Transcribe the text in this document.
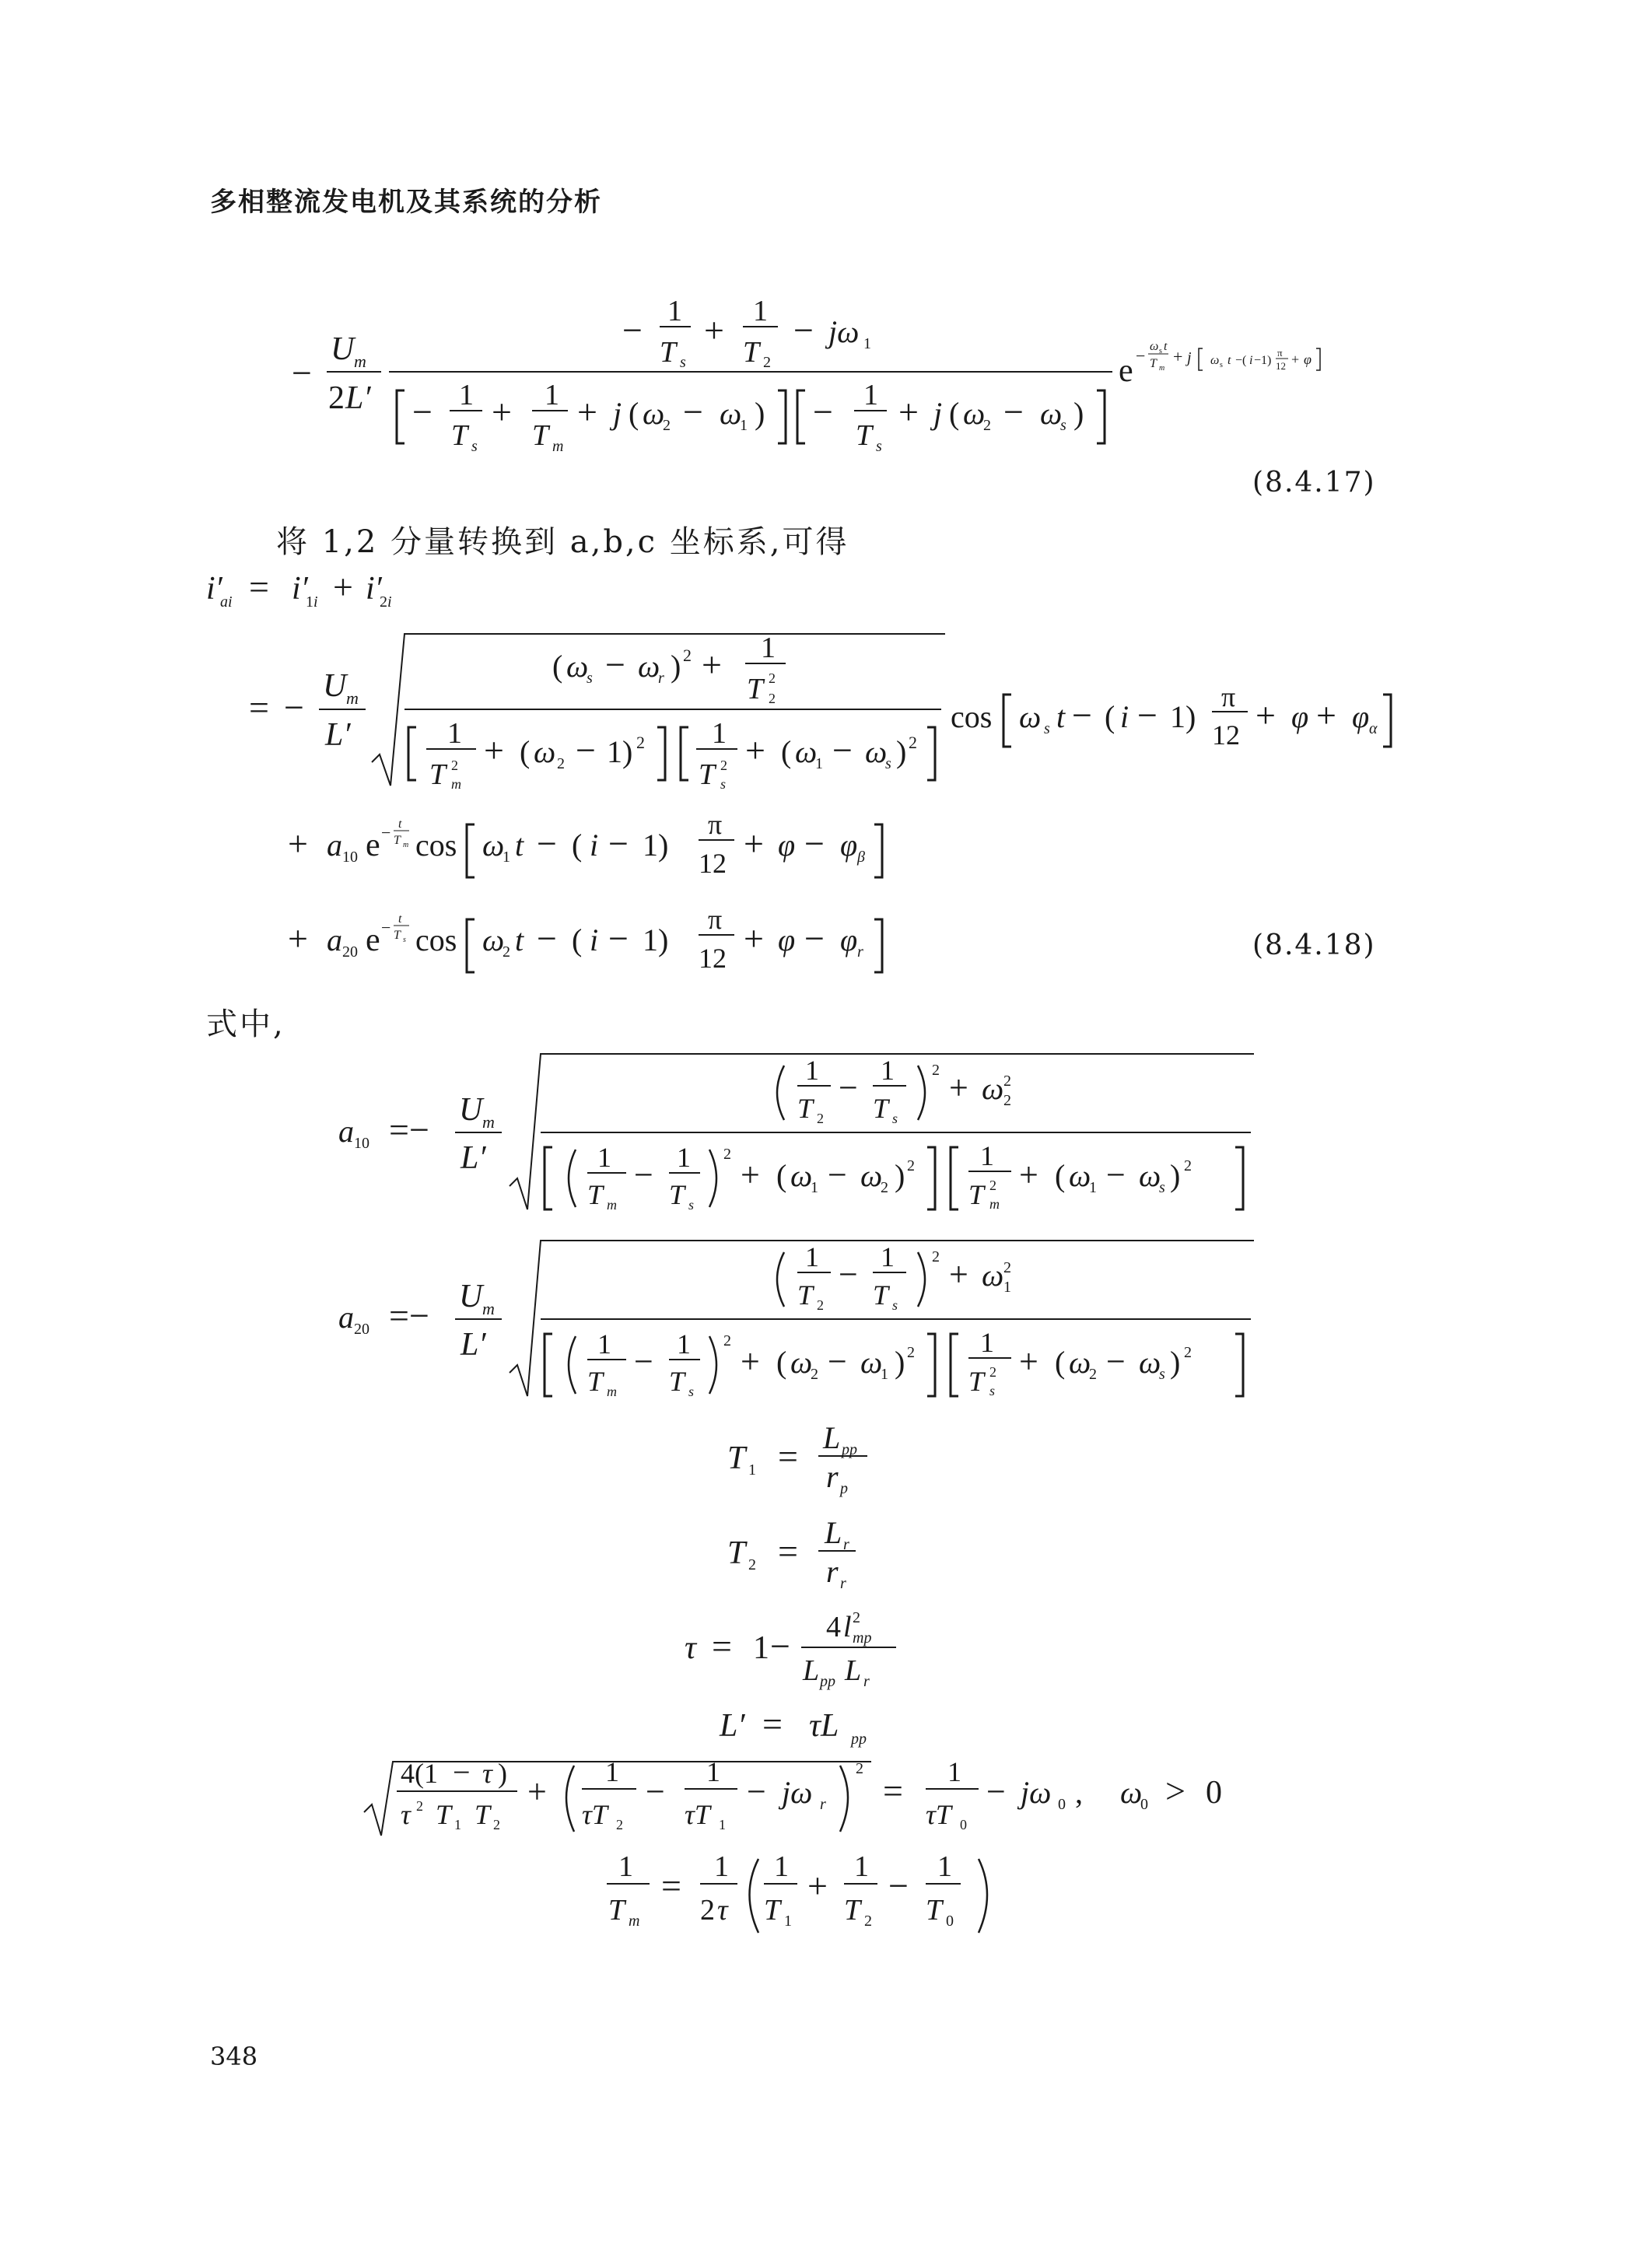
多相整流发电机及其系统的分析
−
U m
2 L′
− 1
T s
+ 1
T 2
− jω 1
− 1
T s
+ 1
T m
+ j ( ω
2 − ω
1 ) − 1
T s
+ j ( ω
2 − ω
s )
e − ω s t
T m
+ j ω s t −( i −1)
π
12 + φ
(8.4.17)
将 1,2 分量转换到 a,b,c 坐标系,可得
i′
ai = i′
1 i + i′
2 i
= −
U m
L′
( ω
s − ω
r ) 2 + 1
T 2
2
1
T 2
m
+ ( ω 2 − 1) 2 1
T 2
s
+ ( ω
1 − ω
s ) 2
cos ω s t − ( i − 1)
π
12 + φ + φ α
+ a 10 e − t
T m cos ω
1 t − ( i − 1)
π
12 + φ − φ β
+ a 20 e − t
T s cos ω
2 t − ( i − 1)
π
12 + φ − φ r	(8.4.18)
式中,
a 10 =− U m
L′
1
T 2
− 1
T s
2 + ω 2
2
1
T m
− 1
T s
2
+ ( ω
1 − ω
2 ) 2 1
T 2
m
+ ( ω
1 − ω
s ) 2
a 20 =− U m
L′
1
T 2
− 1
T s
2 + ω 1
2
1
T m
− 1
T s
2
+ ( ω
2 − ω
1 ) 2 1
T 2
s
+ ( ω
2 − ω
s ) 2
T 1 = L pp
r p
T 2 = L r
r r
τ = 1 − 4 l 2
mp
L pp L r
L′ = τL pp
4(1 − τ )
τ 2 T 1 T 2
+
1
τT 2
−
1
τT 1
− jω r
2
= 1
τT 0
− jω 0 , ω
0 > 0
1
T m
= 1
2 τ
1
T 1
+ 1
T 2
− 1
T 0
348
